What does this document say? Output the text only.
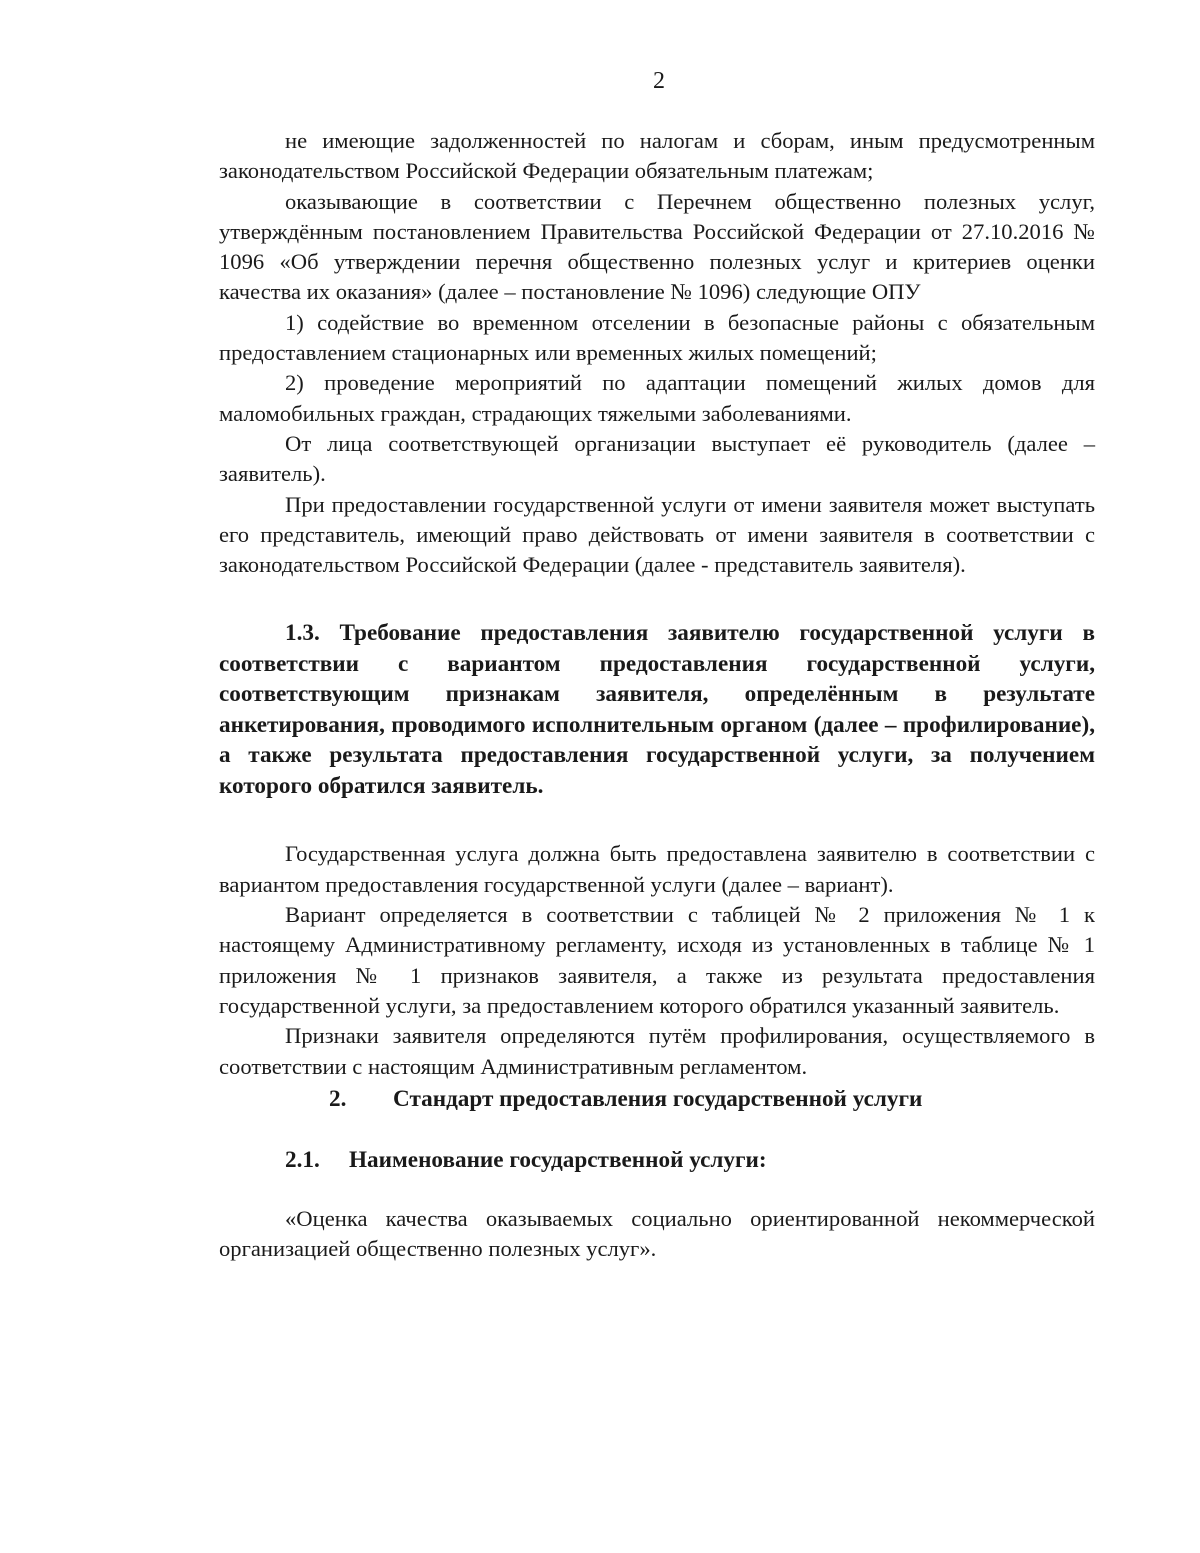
2

не имеющие задолженностей по налогам и сборам, иным предусмотренным законодательством Российской Федерации обязательным платежам;

оказывающие в соответствии с Перечнем общественно полезных услуг, утверждённым постановлением Правительства Российской Федерации от 27.10.2016 № 1096 «Об утверждении перечня общественно полезных услуг и критериев оценки качества их оказания» (далее – постановление № 1096) следующие ОПУ

1) содействие во временном отселении в безопасные районы с обязательным предоставлением стационарных или временных жилых помещений;

2) проведение мероприятий по адаптации помещений жилых домов для маломобильных граждан, страдающих тяжелыми заболеваниями.

От лица соответствующей организации выступает её руководитель (далее – заявитель).

При предоставлении государственной услуги от имени заявителя может выступать его представитель, имеющий право действовать от имени заявителя в соответствии с законодательством Российской Федерации (далее - представитель заявителя).

1.3. Требование предоставления заявителю государственной услуги в соответствии с вариантом предоставления государственной услуги, соответствующим признакам заявителя, определённым в результате анкетирования, проводимого исполнительным органом (далее – профилирование), а также результата предоставления государственной услуги, за получением которого обратился заявитель.

Государственная услуга должна быть предоставлена заявителю в соответствии с вариантом предоставления государственной услуги (далее – вариант).

Вариант определяется в соответствии с таблицей № 2 приложения № 1 к настоящему Административному регламенту, исходя из установленных в таблице № 1 приложения № 1 признаков заявителя, а также из результата предоставления государственной услуги, за предоставлением которого обратился указанный заявитель.

Признаки заявителя определяются путём профилирования, осуществляемого в соответствии с настоящим Административным регламентом.

2.	Стандарт предоставления государственной услуги
2.1.	Наименование государственной услуги:

«Оценка качества оказываемых социально ориентированной некоммерческой организацией общественно полезных услуг».
